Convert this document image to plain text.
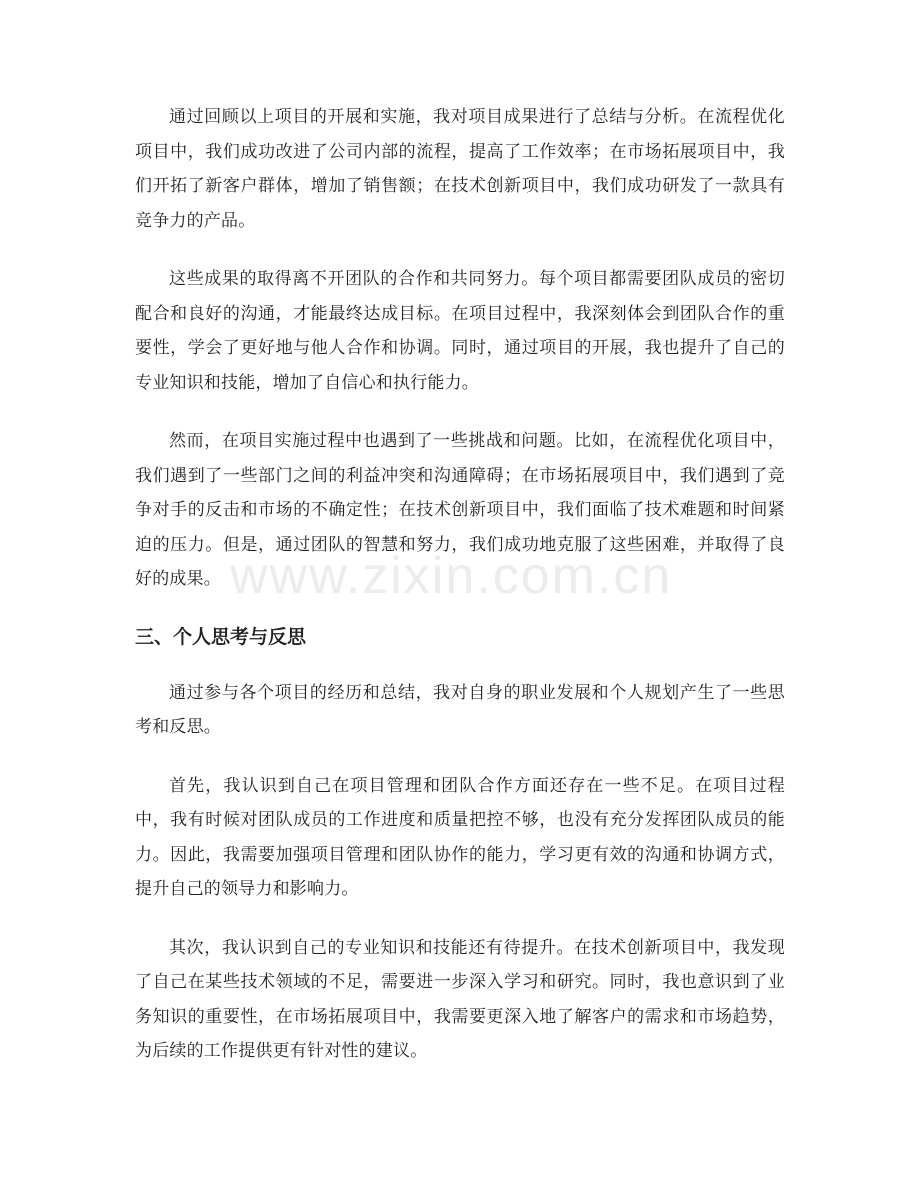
通过回顾以上项目的开展和实施，我对项目成果进行了总结与分析。在流程优化项目中，我们成功改进了公司内部的流程，提高了工作效率；在市场拓展项目中，我们开拓了新客户群体，增加了销售额；在技术创新项目中，我们成功研发了一款具有竞争力的产品。

这些成果的取得离不开团队的合作和共同努力。每个项目都需要团队成员的密切配合和良好的沟通，才能最终达成目标。在项目过程中，我深刻体会到团队合作的重要性，学会了更好地与他人合作和协调。同时，通过项目的开展，我也提升了自己的专业知识和技能，增加了自信心和执行能力。

然而，在项目实施过程中也遇到了一些挑战和问题。比如，在流程优化项目中，我们遇到了一些部门之间的利益冲突和沟通障碍；在市场拓展项目中，我们遇到了竞争对手的反击和市场的不确定性；在技术创新项目中，我们面临了技术难题和时间紧迫的压力。但是，通过团队的智慧和努力，我们成功地克服了这些困难，并取得了良好的成果。

三、个人思考与反思

通过参与各个项目的经历和总结，我对自身的职业发展和个人规划产生了一些思考和反思。

首先，我认识到自己在项目管理和团队合作方面还存在一些不足。在项目过程中，我有时候对团队成员的工作进度和质量把控不够，也没有充分发挥团队成员的能力。因此，我需要加强项目管理和团队协作的能力，学习更有效的沟通和协调方式，提升自己的领导力和影响力。

其次，我认识到自己的专业知识和技能还有待提升。在技术创新项目中，我发现了自己在某些技术领域的不足，需要进一步深入学习和研究。同时，我也意识到了业务知识的重要性，在市场拓展项目中，我需要更深入地了解客户的需求和市场趋势，为后续的工作提供更有针对性的建议。

www.zixin.com.cn
